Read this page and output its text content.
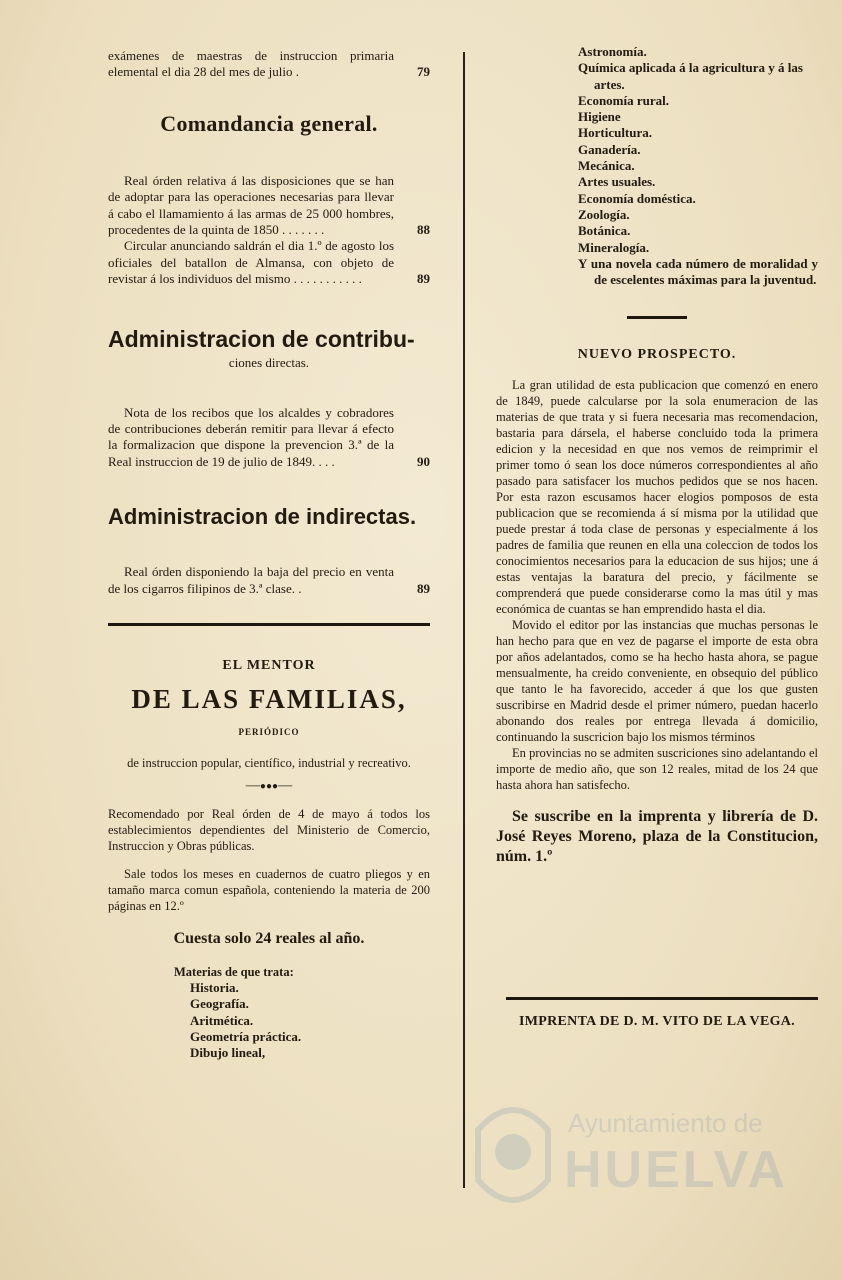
exámenes de maestras de instruccion primaria elemental el dia 28 del mes de julio .	79
Comandancia general.
Real órden relativa á las disposiciones que se han de adoptar para las operaciones necesarias para llevar á cabo el llamamiento á las armas de 25 000 hombres, procedentes de la quinta de 1850 . . . . . . .	88
Circular anunciando saldrán el dia 1.º de agosto los oficiales del batallon de Almansa, con objeto de revistar á los individuos del mismo . . . . . . . . . . .	89
Administracion de contribu-
ciones directas.
Nota de los recibos que los alcaldes y cobradores de contribuciones deberán remitir para llevar á efecto la formalizacion que dispone la prevencion 3.ª de la Real instruccion de 19 de julio de 1849. . . .	90
Administracion de indirectas.
Real órden disponiendo la baja del precio en venta de los cigarros filipinos de 3.ª clase. .	89
EL MENTOR
DE LAS FAMILIAS,
PERIÓDICO
de instruccion popular, científico, industrial y recreativo.
──●●●──
Recomendado por Real órden de 4 de mayo á todos los establecimientos dependientes del Ministerio de Comercio, Instruccion y Obras públicas.
Sale todos los meses en cuadernos de cuatro pliegos y en tamaño marca comun española, conteniendo la materia de 200 páginas en 12.º
Cuesta solo 24 reales al año.
Materias de que trata:
Historia.
Geografía.
Aritmética.
Geometría práctica.
Dibujo lineal,
Astronomía.
Química aplicada á la agricultura y á las artes.
Economía rural.
Higiene
Horticultura.
Ganadería.
Mecánica.
Artes usuales.
Economía doméstica.
Zoología.
Botánica.
Mineralogía.
Y una novela cada número de moralidad y de escelentes máximas para la juventud.
NUEVO PROSPECTO.
La gran utilidad de esta publicacion que comenzó en enero de 1849, puede calcularse por la sola enumeracion de las materias de que trata y si fuera necesaria mas recomendacion, bastaria para dársela, el haberse concluido toda la primera edicion y la necesidad en que nos vemos de reimprimir el primer tomo ó sean los doce números correspondientes al año pasado para satisfacer los muchos pedidos que se nos hacen. Por esta razon escusamos hacer elogios pomposos de esta publicacion que se recomienda á sí misma por la utilidad que puede prestar á toda clase de personas y especialmente á los padres de familia que reunen en ella una coleccion de todos los conocimientos necesarios para la educacion de sus hijos; une á estas ventajas la baratura del precio, y fácilmente se comprenderá que puede considerarse como la mas útil y mas económica de cuantas se han emprendido hasta el dia.
Movido el editor por las instancias que muchas personas le han hecho para que en vez de pagarse el importe de esta obra por años adelantados, como se ha hecho hasta ahora, se pague mensualmente, ha creido conveniente, en obsequio del público que tanto le ha favorecido, acceder á que los que gusten suscribirse en Madrid desde el primer número, puedan hacerlo abonando dos reales por entrega llevada á domicilio, continuando la suscricion bajo los mismos términos
En provincias no se admiten suscriciones sino adelantando el importe de medio año, que son 12 reales, mitad de los 24 que hasta ahora han satisfecho.
Se suscribe en la imprenta y librería de D. José Reyes Moreno, plaza de la Constitucion, núm. 1.º
IMPRENTA DE D. M. VITO DE LA VEGA.
Ayuntamiento de
HUELVA
